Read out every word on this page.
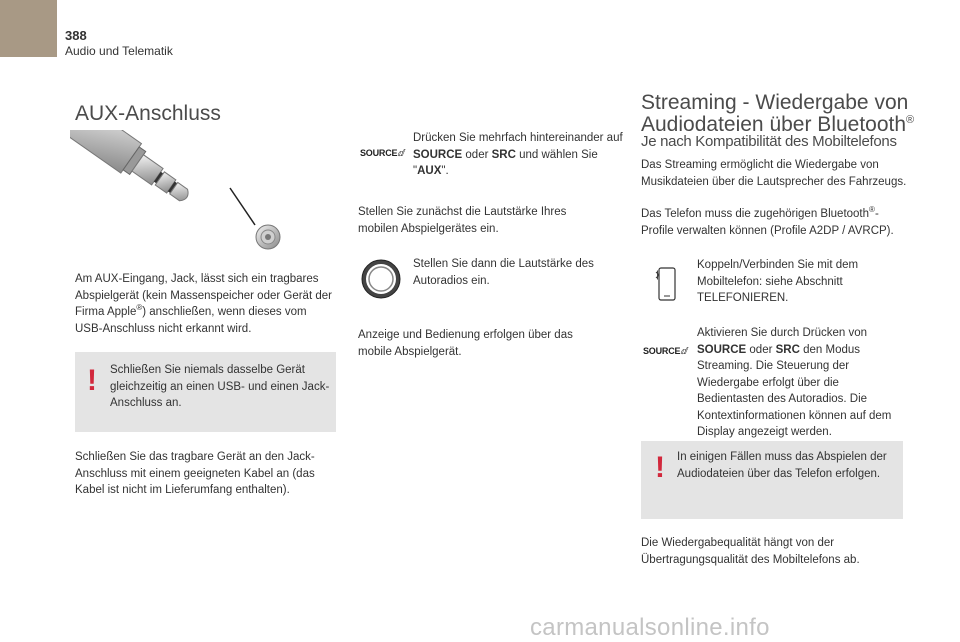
388
Audio und Telematik
AUX-Anschluss
Am AUX-Eingang, Jack, lässt sich ein tragbares Abspielgerät (kein Massenspeicher oder Gerät der Firma Apple®) anschließen, wenn dieses vom USB-Anschluss nicht erkannt wird.
! Schließen Sie niemals dasselbe Gerät gleichzeitig an einen USB- und einen Jack-Anschluss an.
Schließen Sie das tragbare Gerät an den Jack-Anschluss mit einem geeigneten Kabel an (das Kabel ist nicht im Lieferumfang enthalten).
SOURCEⅆ
Drücken Sie mehrfach hintereinander auf SOURCE oder SRC und wählen Sie "AUX".
Stellen Sie zunächst die Lautstärke Ihres mobilen Abspielgerätes ein.
Stellen Sie dann die Lautstärke des Autoradios ein.
Anzeige und Bedienung erfolgen über das mobile Abspielgerät.
Streaming - Wiedergabe von
Audiodateien über Bluetooth®
Je nach Kompatibilität des Mobiltelefons
Das Streaming ermöglicht die Wiedergabe von Musikdateien über die Lautsprecher des Fahrzeugs.
Das Telefon muss die zugehörigen Bluetooth®-Profile verwalten können (Profile A2DP / AVRCP).
Koppeln/Verbinden Sie mit dem Mobiltelefon: siehe Abschnitt TELEFONIEREN.
SOURCEⅆ
Aktivieren Sie durch Drücken von SOURCE oder SRC den Modus Streaming. Die Steuerung der Wiedergabe erfolgt über die Bedientasten des Autoradios. Die Kontextinformationen können auf dem Display angezeigt werden.
! In einigen Fällen muss das Abspielen der Audiodateien über das Telefon erfolgen.
Die Wiedergabequalität hängt von der Übertragungsqualität des Mobiltelefons ab.
carmanualsonline.info
